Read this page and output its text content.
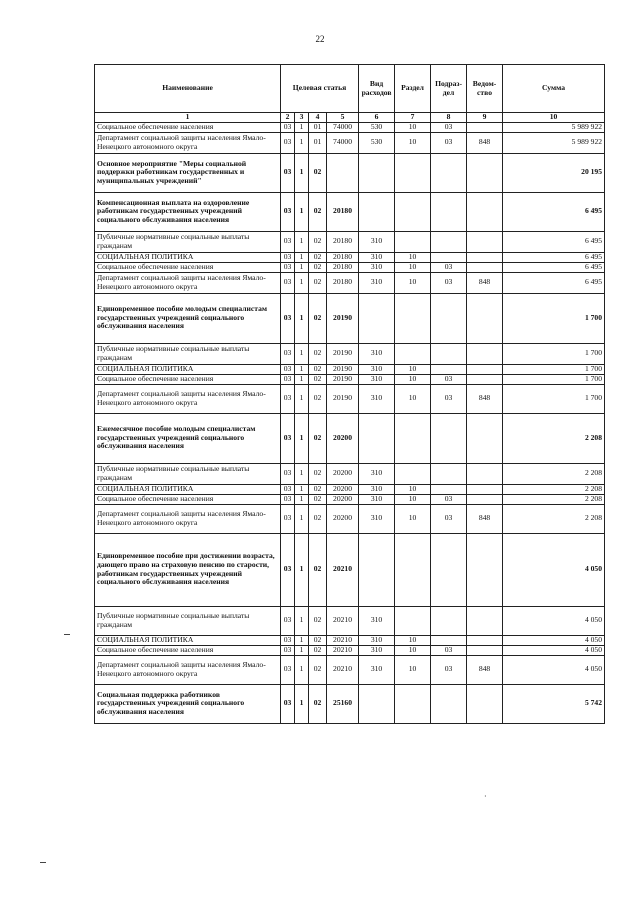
22
Наименование	Целевая статья				Вид расходов	Раздел	Подраз-дел	Ведом-ство	Сумма
1	2	3	4	5	6	7	8	9	10
Социальное обеспечение населения	03	1	01	74000	530	10	03		5 989 922
Департамент социальной защиты населения Ямало-Ненецкого автономного округа	03	1	01	74000	530	10	03	848	5 989 922
Основное мероприятие "Меры социальной поддержки работникам государственных и муниципальных учреждений"	03	1	02						20 195
Компенсационная выплата на оздоровление работникам государственных учреждений социального обслуживания населения	03	1	02	20180					6 495
Публичные нормативные социальные выплаты гражданам	03	1	02	20180	310				6 495
СОЦИАЛЬНАЯ ПОЛИТИКА	03	1	02	20180	310	10			6 495
Социальное обеспечение населения	03	1	02	20180	310	10	03		6 495
Департамент социальной защиты населения Ямало-Ненецкого автономного округа	03	1	02	20180	310	10	03	848	6 495
Единовременное пособие молодым специалистам государственных учреждений социального обслуживания населения	03	1	02	20190					1 700
Публичные нормативные социальные выплаты гражданам	03	1	02	20190	310				1 700
СОЦИАЛЬНАЯ ПОЛИТИКА	03	1	02	20190	310	10			1 700
Социальное обеспечение населения	03	1	02	20190	310	10	03		1 700
Департамент социальной защиты населения Ямало-Ненецкого автономного округа	03	1	02	20190	310	10	03	848	1 700
Ежемесячное пособие молодым специалистам государственных учреждений социального обслуживания населения	03	1	02	20200					2 208
Публичные нормативные социальные выплаты гражданам	03	1	02	20200	310				2 208
СОЦИАЛЬНАЯ ПОЛИТИКА	03	1	02	20200	310	10			2 208
Социальное обеспечение населения	03	1	02	20200	310	10	03		2 208
Департамент социальной защиты населения Ямало-Ненецкого автономного округа	03	1	02	20200	310	10	03	848	2 208
Единовременное пособие при достижении возраста, дающего право на страховую пенсию по старости, работникам государственных учреждений социального обслуживания населения	03	1	02	20210					4 050
Публичные нормативные социальные выплаты гражданам	03	1	02	20210	310				4 050
СОЦИАЛЬНАЯ ПОЛИТИКА	03	1	02	20210	310	10			4 050
Социальное обеспечение населения	03	1	02	20210	310	10	03		4 050
Департамент социальной защиты населения Ямало-Ненецкого автономного округа	03	1	02	20210	310	10	03	848	4 050
Социальная поддержка работников государственных учреждений социального обслуживания населения	03	1	02	25160					5 742
·
